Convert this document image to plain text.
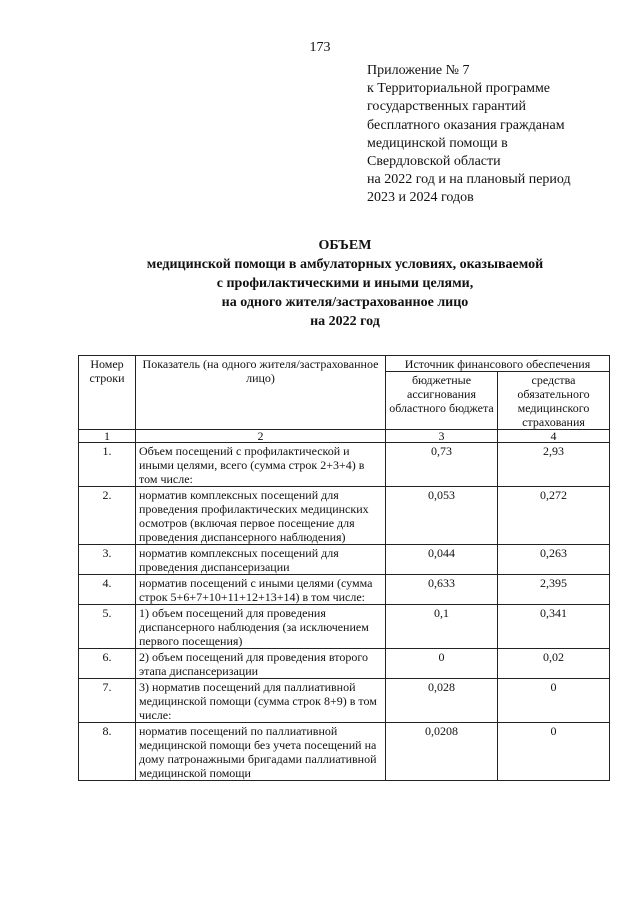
173
Приложение № 7
к Территориальной программе
государственных гарантий
бесплатного оказания гражданам
медицинской помощи в
Свердловской области
на 2022 год и на плановый период
2023 и 2024 годов
ОБЪЕМ
медицинской помощи в амбулаторных условиях, оказываемой
с профилактическими и иными целями,
на одного жителя/застрахованное лицо
на 2022 год
Номер строки	Показатель (на одного жителя/застрахованное лицо)	Источник финансового обеспечения	
		бюджетные ассигнования областного бюджета	средства обязательного медицинского страхования
1	2	3	4
1.	Объем посещений с профилактической и иными целями, всего (сумма строк 2+3+4) в том числе:	0,73	2,93
2.	норматив комплексных посещений для проведения профилактических медицинских осмотров (включая первое посещение для проведения диспансерного наблюдения)	0,053	0,272
3.	норматив комплексных посещений для проведения диспансеризации	0,044	0,263
4.	норматив посещений с иными целями (сумма строк 5+6+7+10+11+12+13+14) в том числе:	0,633	2,395
5.	1) объем посещений для проведения диспансерного наблюдения (за исключением первого посещения)	0,1	0,341
6.	2) объем посещений для проведения второго этапа диспансеризации	0	0,02
7.	3) норматив посещений для паллиативной медицинской помощи (сумма строк 8+9) в том числе:	0,028	0
8.	норматив посещений по паллиативной медицинской помощи без учета посещений на дому патронажными бригадами паллиативной медицинской помощи	0,0208	0
